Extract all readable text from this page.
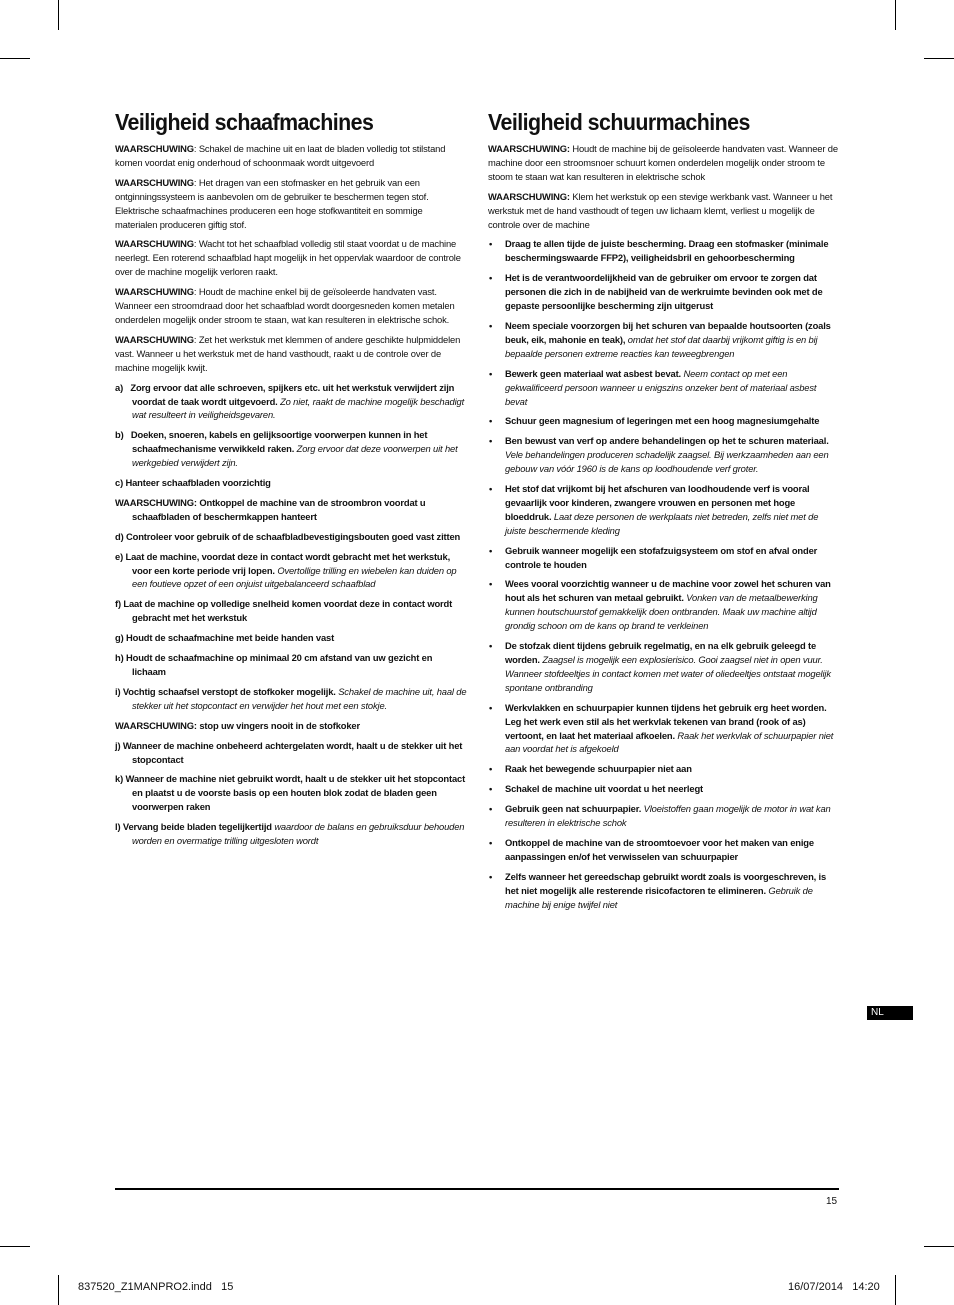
Veiligheid schaafmachines
WAARSCHUWING: Schakel de machine uit en laat de bladen volledig tot stilstand komen voordat enig onderhoud of schoonmaak wordt uitgevoerd
WAARSCHUWING: Het dragen van een stofmasker en het gebruik van een ontginningssysteem is aanbevolen om de gebruiker te beschermen tegen stof. Elektrische schaafmachines produceren een hoge stofkwantiteit en sommige materialen produceren giftig stof.
WAARSCHUWING: Wacht tot het schaafblad volledig stil staat voordat u de machine neerlegt. Een roterend schaafblad hapt mogelijk in het oppervlak waardoor de controle over de machine mogelijk verloren raakt.
WAARSCHUWING: Houdt de machine enkel bij de geïsoleerde handvaten vast. Wanneer een stroomdraad door het schaafblad wordt doorgesneden komen metalen onderdelen mogelijk onder stroom te staan, wat kan resulteren in elektrische schok.
WAARSCHUWING: Zet het werkstuk met klemmen of andere geschikte hulpmiddelen vast. Wanneer u het werkstuk met de hand vasthoudt, raakt u de controle over de machine mogelijk kwijt.
a)   Zorg ervoor dat alle schroeven, spijkers etc. uit het werkstuk verwijdert zijn voordat de taak wordt uitgevoerd. Zo niet, raakt de machine mogelijk beschadigt wat resulteert in veiligheidsgevaren.
b)   Doeken, snoeren, kabels en gelijksoortige voorwerpen kunnen in het schaafmechanisme verwikkeld raken. Zorg ervoor dat deze voorwerpen uit het werkgebied verwijdert zijn.
c) Hanteer schaafbladen voorzichtig
WAARSCHUWING: Ontkoppel de machine van de stroombron voordat u schaafbladen of beschermkappen hanteert
d) Controleer voor gebruik of de schaafbladbevestigingsbouten goed vast zitten
e) Laat de machine, voordat deze in contact wordt gebracht met het werkstuk, voor een korte periode vrij lopen. Overtollige trilling en wiebelen kan duiden op een foutieve opzet of een onjuist uitgebalanceerd schaafblad
f) Laat de machine op volledige snelheid komen voordat deze in contact wordt gebracht met het werkstuk
g) Houdt de schaafmachine met beide handen vast
h) Houdt de schaafmachine op minimaal 20 cm afstand van uw gezicht en lichaam
i) Vochtig schaafsel verstopt de stofkoker mogelijk. Schakel de machine uit, haal de stekker uit het stopcontact en verwijder het hout met een stokje.
WAARSCHUWING: stop uw vingers nooit in de stofkoker
j) Wanneer de machine onbeheerd achtergelaten wordt, haalt u de stekker uit het stopcontact
k) Wanneer de machine niet gebruikt wordt, haalt u de stekker uit het stopcontact en plaatst u de voorste basis op een houten blok zodat de bladen geen voorwerpen raken
l) Vervang beide bladen tegelijkertijd waardoor de balans en gebruiksduur behouden worden en overmatige trilling uitgesloten wordt
Veiligheid schuurmachines
WAARSCHUWING: Houdt de machine bij de geïsoleerde handvaten vast. Wanneer de machine door een stroomsnoer schuurt komen onderdelen mogelijk onder stroom te stoom te staan wat kan resulteren in elektrische schok
WAARSCHUWING: Klem het werkstuk op een stevige werkbank vast. Wanneer u het werkstuk met de hand vasthoudt of tegen uw lichaam klemt, verliest u mogelijk de controle over de machine
• Draag te allen tijde de juiste bescherming. Draag een stofmasker (minimale beschermingswaarde FFP2), veiligheidsbril en gehoorbescherming
• Het is de verantwoordelijkheid van de gebruiker om ervoor te zorgen dat personen die zich in de nabijheid van de werkruimte bevinden ook met de gepaste persoonlijke bescherming zijn uitgerust
• Neem speciale voorzorgen bij het schuren van bepaalde houtsoorten (zoals beuk, eik, mahonie en teak), omdat het stof dat daarbij vrijkomt giftig is en bij bepaalde personen extreme reacties kan teweegbrengen
• Bewerk geen materiaal wat asbest bevat. Neem contact op met een gekwalificeerd persoon wanneer u enigszins onzeker bent of materiaal asbest bevat
• Schuur geen magnesium of legeringen met een hoog magnesiumgehalte
• Ben bewust van verf op andere behandelingen op het te schuren materiaal. Vele behandelingen produceren schadelijk zaagsel. Bij werkzaamheden aan een gebouw van vóór 1960 is de kans op loodhoudende verf groter.
• Het stof dat vrijkomt bij het afschuren van loodhoudende verf is vooral gevaarlijk voor kinderen, zwangere vrouwen en personen met hoge bloeddruk. Laat deze personen de werkplaats niet betreden, zelfs niet met de juiste beschermende kleding
• Gebruik wanneer mogelijk een stofafzuigsysteem om stof en afval onder controle te houden
• Wees vooral voorzichtig wanneer u de machine voor zowel het schuren van hout als het schuren van metaal gebruikt. Vonken van de metaalbewerking kunnen houtschuurstof gemakkelijk doen ontbranden. Maak uw machine altijd grondig schoon om de kans op brand te verkleinen
• De stofzak dient tijdens gebruik regelmatig, en na elk gebruik geleegd te worden. Zaagsel is mogelijk een explosierisico. Gooi zaagsel niet in open vuur. Wanneer stofdeeltjes in contact komen met water of oliedeeltjes ontstaat mogelijk spontane ontbranding
• Werkvlakken en schuurpapier kunnen tijdens het gebruik erg heet worden. Leg het werk even stil als het werkvlak tekenen van brand (rook of as) vertoont, en laat het materiaal afkoelen. Raak het werkvlak of schuurpapier niet aan voordat het is afgekoeld
• Raak het bewegende schuurpapier niet aan
• Schakel de machine uit voordat u het neerlegt
• Gebruik geen nat schuurpapier. Vloeistoffen gaan mogelijk de motor in wat kan resulteren in elektrische schok
• Ontkoppel de machine van de stroomtoevoer voor het maken van enige aanpassingen en/of het verwisselen van schuurpapier
• Zelfs wanneer het gereedschap gebruikt wordt zoals is voorgeschreven, is het niet mogelijk alle resterende risicofactoren te elimineren. Gebruik de machine bij enige twijfel niet
NL
15
837520_Z1MANPRO2.indd   15	16/07/2014   14:20
